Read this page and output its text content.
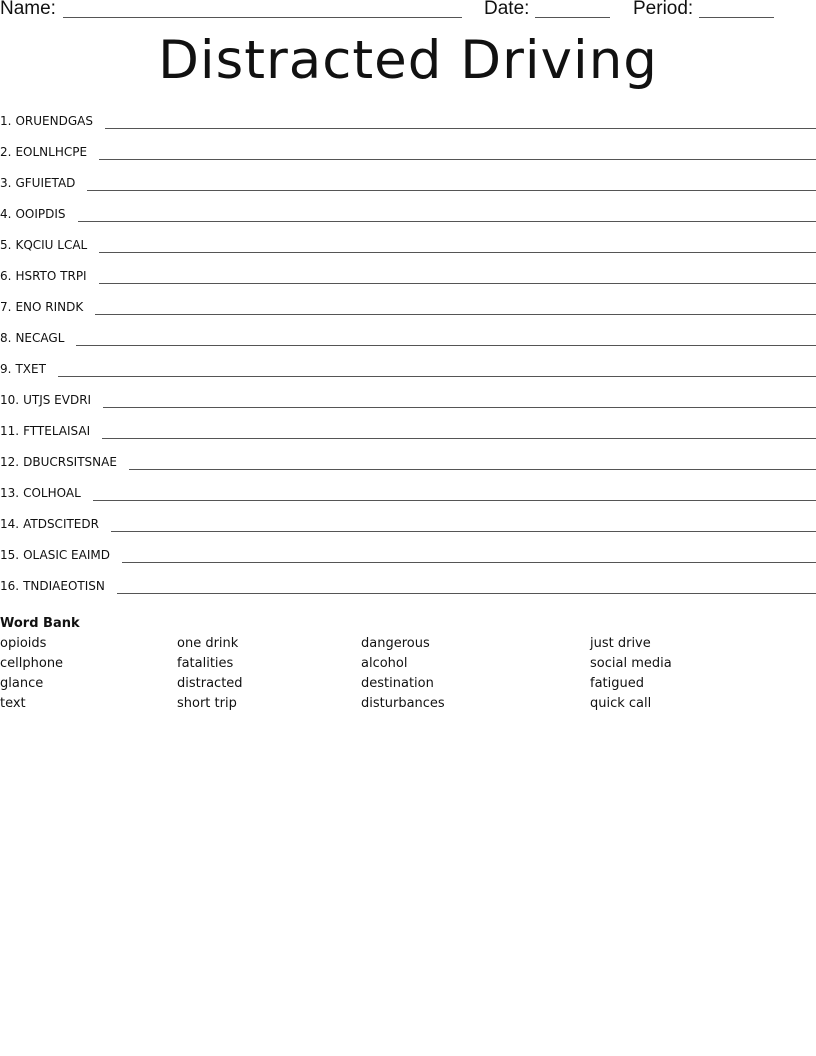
Name:	Date:	Period:
Distracted Driving
1. ORUENDGAS
2. EOLNLHCPE
3. GFUIETAD
4. OOIPDIS
5. KQCIU LCAL
6. HSRTO TRPI
7. ENO RINDK
8. NECAGL
9. TXET
10. UTJS EVDRI
11. FTTELAISAI
12. DBUCRSITSNAE
13. COLHOAL
14. ATDSCITEDR
15. OLASIC EAIMD
16. TNDIAEOTISN
Word Bank
opioids	one drink	dangerous	just drive
cellphone	fatalities	alcohol	social media
glance	distracted	destination	fatigued
text	short trip	disturbances	quick call
